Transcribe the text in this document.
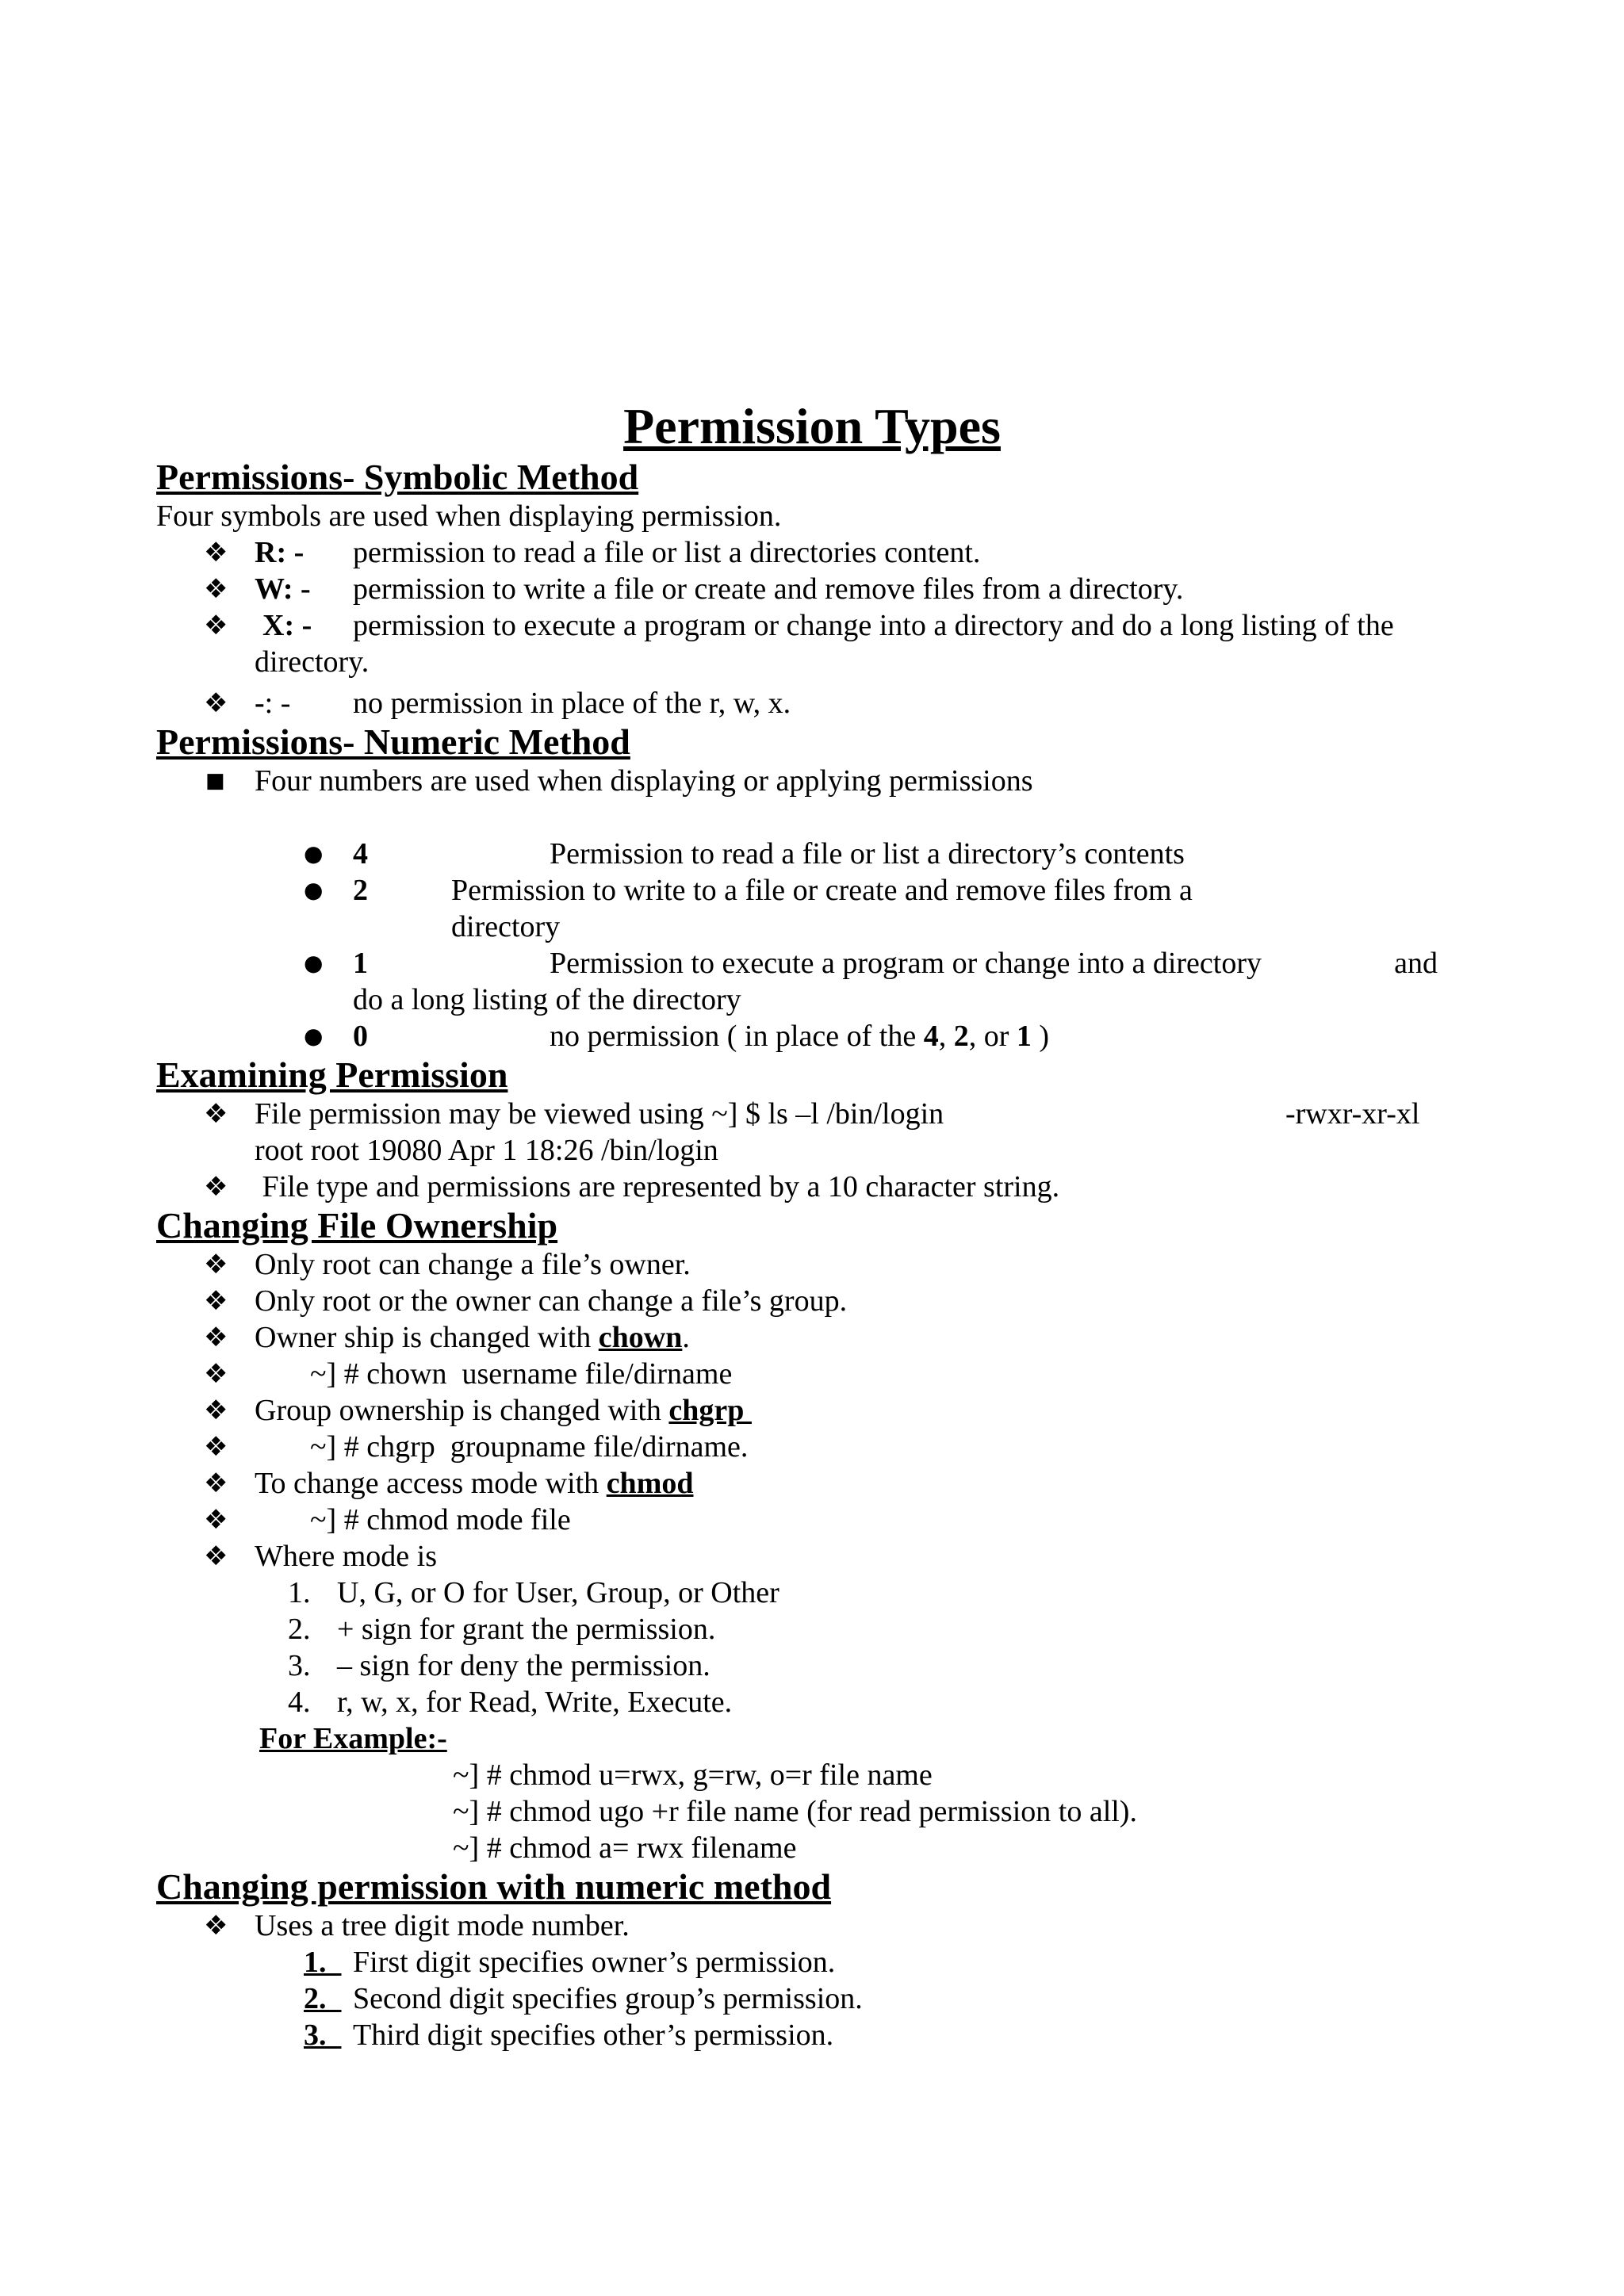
Permission Types
Permissions- Symbolic Method
Four symbols are used when displaying permission.
❖ R: - permission to read a file or list a directories content.
❖ W: - permission to write a file or create and remove files from a directory.
❖ X: - permission to execute a program or change into a directory and do a long listing of the
directory.
❖ -: - no permission in place of the r, w, x.
Permissions- Numeric Method
■ Four numbers are used when displaying or applying permissions
● 4	Permission to read a file or list a directory’s contents
● 2	Permission to write to a file or create and remove files from a
directory
● 1	Permission to execute a program or change into a directory	and

do a long listing of the directory
● 0	no permission ( in place of the 4, 2, or 1 )
Examining Permission
❖ File permission may be viewed using ~] $ ls –l /bin/login	-rwxr-xr-xl

root root 19080 Apr 1 18:26 /bin/login
❖ File type and permissions are represented by a 10 character string.
Changing File Ownership
❖ Only root can change a file’s owner.
❖ Only root or the owner can change a file’s group.
❖ Owner ship is changed with chown.
❖	~] # chown  username file/dirname
❖ Group ownership is changed with chgrp
❖	~] # chgrp  groupname file/dirname.
❖ To change access mode with chmod
❖	~] # chmod mode file
❖ Where mode is
1. U, G, or O for User, Group, or Other
2. + sign for grant the permission.
3. – sign for deny the permission.
4. r, w, x, for Read, Write, Execute.
For Example:-
~] # chmod u=rwx, g=rw, o=r file name
~] # chmod ugo +r file name (for read permission to all).
~] # chmod a= rwx filename
Changing permission with numeric method
❖ Uses a tree digit mode number.
1. First digit specifies owner’s permission.
2. Second digit specifies group’s permission.
3. Third digit specifies other’s permission.
